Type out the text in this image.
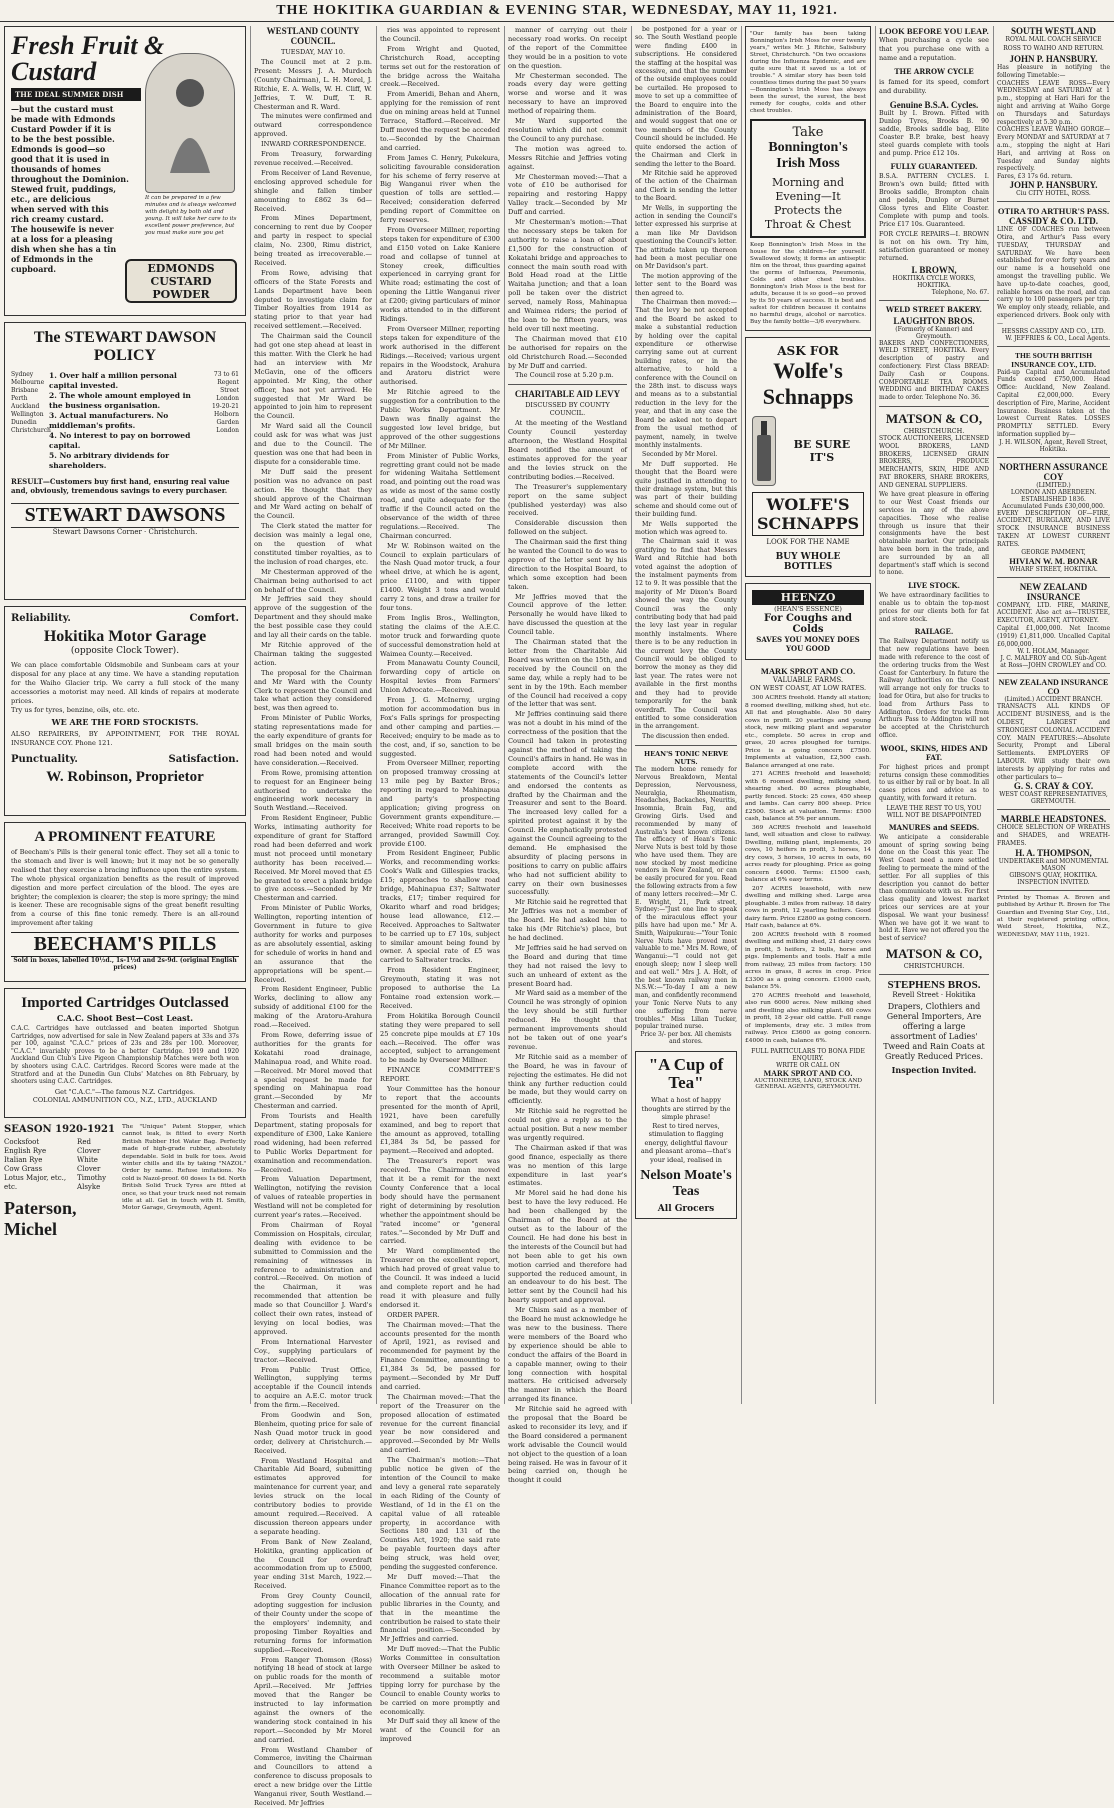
THE HOKITIKA GUARDIAN & EVENING STAR, WEDNESDAY, MAY 11, 1921.
Fresh Fruit & Custard
THE IDEAL SUMMER DISH
—but the custard must
be made with Edmonds
Custard Powder if it is
to be the best possible.
Edmonds is good—so
good that it is used in
thousands of homes
throughout the Dominion.
Stewed fruit, puddings, etc., are delicious
when served with this
rich creamy custard.
The housewife is never
at a loss for a pleasing
dish when she has a tin
of Edmonds in the cupboard.
It can be prepared in a few minutes and is always welcomed with delight by both old and young. It will take her care to its excellent power preference, but you must make sure you get
EDMONDS CUSTARD POWDER
The STEWART DAWSON POLICY
Sydney
Melbourne
Brisbane
Perth
Auckland
Wellington
Dunedin
Christchurch
1. Over half a million personal capital invested.
2. The whole amount employed in the business organisation.
3. Actual manufacturers. No middleman's profits.
4. No interest to pay on borrowed capital.
5. No arbitrary dividends for shareholders.
73 to 61
Regent
Street
London
19-20-21
Holborn
Garden
London
RESULT—Customers buy first hand, ensuring real value and, obviously, tremendous savings to every purchaser.
STEWART DAWSONS
Stewart Dawsons Corner · Christchurch.
Reliability.	Comfort.
Hokitika Motor Garage
(opposite Clock Tower).
We can place comfortable Oldsmobile and Sunbeam cars at your disposal for any place at any time. We have a standing reputation for the Waiho Glacier trip. We carry a full stock of the many accessories a motorist may need. All kinds of repairs at moderate prices.
Try us for tyres, benzine, oils, etc. etc.
WE ARE THE FORD STOCKISTS.
ALSO REPAIRERS, BY APPOINTMENT, FOR THE ROYAL INSURANCE COY. Phone 121.
Punctuality.	Satisfaction.
W. Robinson, Proprietor
A PROMINENT FEATURE
of Beecham's Pills is their general tonic effect. They set all a tonic to the stomach and liver is well known; but it may not be so generally realised that they exercise a bracing influence upon the entire system. The whole physical organization benefits as the result of improved digestion and more perfect circulation of the blood. The eyes are brighter; the complexion is clearer; the step is more springy; the mind is keener. These are recognisable signs of the great benefit resulting from a course of this fine tonic remedy. There is an all-round improvement after taking
BEECHAM'S PILLS
Sold in boxes, labelled 10½d., 1s-1½d and 2s-9d. (original English prices)
Imported Cartridges Outclassed
C.A.C. Shoot Best—Cost Least.
C.A.C. Cartridges have outclassed and beaten imported Shotgun Cartridges, now advertised for sale in New Zealand papers at 33s and 37s per 100, against "C.A.C." prices of 23s and 28s per 100. Moreover, "C.A.C." invariably proves to be a better Cartridge. 1919 and 1920 Auckland Gun Club's Live Pigeon Championship Matches were both won by shooters using C.A.C. Cartridges. Record Scores were made at the Stratford and at the Dunedin Gun Clubs' Matches on 8th February, by shooters using C.A.C. Cartridges.
Get "C.A.C."—The famous N.Z. Cartridges.
COLONIAL AMMUNITION CO., N.Z., LTD., AUCKLAND
SEASON 1920-1921
Cocksfoot
English Rye
Italian Rye
Cow Grass
Lotus Major, etc., etc.
Red Clover
White Clover
Timothy
Alsyke
Paterson, Michel
The "Unique" Patent Stopper, which cannot leak, is fitted to every North British Rubber Hot Water Bag. Perfectly made of high-grade rubber, absolutely dependable. Sold in bulk for toes. Avoid winter chills and ills by taking "NAZOL" Order by name. Refuse imitations. No cold is Nazol-proof. 60 doses 1s 6d. North British Solid Truck Tyres are fitted at once, so that your truck need not remain idle at all. Get in touch with H. Smith, Motor Garage, Greymouth, Agent.
WESTLAND COUNTY COUNCIL.
TUESDAY, MAY 10.

The Council met at 2 p.m. Present: Messrs J. A. Murdoch (County Chairman), L. H. Morel, J. Ritchie, E. A. Wells, W. H. Cliff, W. Jeffries, T. W. Duff, T. R. Chesterman and R. Ward.

The minutes were confirmed and outward correspondence approved.

INWARD CORRESPONDENCE.

From Treasury, forwarding revenue received.—Received.

From Receiver of Land Revenue, enclosing approved schedule for shingle and fallen timber amounting to £862 3s 6d—Received.

From Mines Department, concerning to rent due by Cooper and party in respect to special claim, No. 2300, Rimu district, being treated as irrecoverable.—Received.

From Rowe, advising that officers of the State Forests and Lands Department have been deputed to investigate claim for Timber Royalties from 1914 as stating prior to that year had received settlement.—Received.

The Chairman said the Council had got one step ahead at least in this matter. With the Clerk he had had an interview with Mr McGavin, one of the officers appointed. Mr King, the other officer, has not yet arrived. He suggested that Mr Ward be appointed to join him to represent the Council.

Mr Ward said all the Council could ask for was what was just and due to the Council. The question was one that had been in dispute for a considerable time.

Mr Duff said the present position was no advance on past action. He thought that they should approve of the Chairman and Mr Ward acting on behalf of the Council.

The Clerk stated the matter for decision was mainly a legal one, on the question of what constituted timber royalties, as to the inclusion of road charges, etc.

Mr Chesterman approved of the Chairman being authorised to act on behalf of the Council.

Mr Jeffries said they should approve of the suggestion of the Department and they should make the best possible case they could and lay all their cards on the table.

Mr Ritchie approved of the Chairman taking the suggested action.

The proposal for the Chairman and Mr Ward with the County Clerk to represent the Council and take what action they considered best, was then agreed to.

From Minister of Public Works, stating representations made for the early expenditure of grants for small bridges on the main south road had been noted and would have consideration.—Received.

From Rowe, promising attention to request for an Engineer being authorised to undertake the engineering work necessary in South Westland.—Received.

From Resident Engineer, Public Works, intimating authority for expenditure of grant for Stafford road had been deferred and work must not proceed until monetary authority has been received.—Received. Mr Morel moved that £5 be granted to erect a plank bridge to give access.—Seconded by Mr Chesterman and carried.

From Minister of Public Works, Wellington, reporting intention of Government in future to give authority for works and purposes as are absolutely essential, asking for schedule of works in hand and an assurance that the appropriations will be spent.—Received.

From Resident Engineer, Public Works, declining to allow any subsidy of additional £100 for the making of the Aratoru-Arahura road.—Received.

From Rowe, deferring issue of authorities for the grants for Kokatahi road drainage, Mahinapua road, and White road.—Received. Mr Morel moved that a special request be made for spending on Mahinapua road grant.—Seconded by Mr Chesterman and carried.

From Tourists and Health Department, stating proposals for expenditure of £300, Lake Kaniere road widening, had been referred to Public Works Department for examination and recommendation.—Received.

From Valuation Department, Wellington, notifying the revision of values of rateable properties in Westland will not be completed for current year's rates.—Received.

From Chairman of Royal Commission on Hospitals, circular, dealing with evidence to be submitted to Commission and the remaining of witnesses in reference to administration and control.—Received. On motion of the Chairman, it was recommended that attention be made so that Councillor J. Ward's collect their own rates, instead of levying on local bodies, was approved.

From International Harvester Coy., supplying particulars of tractor.—Received.

From Public Trust Office, Wellington, supplying terms acceptable if the Council intends to acquire an A.E.C. motor truck from the firm.—Received.

From Goodwin and Son, Blenheim, quoting price for sale of Nash Quad motor truck in good order, delivery at Christchurch.—Received.

From Westland Hospital and Charitable Aid Board, submitting estimates approved for maintenance for current year, and levies struck on the local contributory bodies to provide amount required.—Received. A discussion thereon appears under a separate heading.

From Bank of New Zealand, Hokitika, granting application of the Council for overdraft accommodation from up to £5000, year ending 31st March, 1922.—Received.

From Grey County Council, adopting suggestion for inclusion of their County under the scope of the employers' indemnity, and proposing Timber Royalties and returning forms for information supplied.—Received.

From Ranger Thomson (Ross) notifying 18 head of stock at large on public roads for the month of April.—Received. Mr Jeffries moved that the Ranger be instructed to lay information against the owners of the wandering stock contained in his report.—Seconded by Mr Morel and carried.

From Westland Chamber of Commerce, inviting the Chairman and Councillors to attend a conference to discuss proposals to erect a new bridge over the Little Wanganui river, South Westland.—Received. Mr Jeffries

ries was appointed to represent the Council.

From Wright and Quoted, Christchurch Road, accepting terms set out for the restoration of the bridge across the Waitaha creek.—Received.

From Ameridi, Behan and Ahern, applying for the remission of rent due on mining areas held at Tunnel Terrace, Stafford.—Received. Mr Duff moved the request be acceded to.—Seconded by the Chairman and carried.

From James C. Henry, Pukekura, soliciting favourable consideration for his scheme of ferry reserve at Big Wanganui river when the question of tolls are settled.—Received; consideration deferred pending report of Committee on ferry reserves.

From Overseer Millner, reporting steps taken for expenditure of £300 and £150 voted on Lake Kaniere road and collapse of tunnel at Stoney creek, difficulties experienced in carrying grant for White road; estimating the cost of opening the Little Wanganui river at £200; giving particulars of minor works attended to in the different Ridings.

From Overseer Millner, reporting steps taken for expenditure of the work authorised in the different Ridings.—Received; various urgent repairs in the Woodstock, Arahura and Aratoru district were authorised.

Mr Ritchie agreed to the suggestion for a contribution to the Public Works Department. Mr Dawn was finally against the suggested low level bridge, but approved of the other suggestions of Mr Millner.

From Minister of Public Works, regretting grant could not be made for widening Waitaha Settlement road, and pointing out the road was as wide as most of the same costly road, and quite adequate for the traffic if the Council acted on the observance of the width of three regulations.—Received. The Chairman concurred.

Mr W. Robinson waited on the Council to explain particulars of the Nash Quad motor truck, a four wheel drive, at which he is agent, price £1100, and with tipper £1400. Weight 3 tons and would carry 2 tons, and draw a trailer for four tons.

From Inglis Bros., Wellington, stating the claims of the A.E.C. motor truck and forwarding quote of successful demonstration held at Waimea County.—Received.

From Manawatu County Council, forwarding copy of article on Hospital levies from Farmers' Union Advocate.—Received.

From J. G. McInerny, urging motion for accommodation bus in Fox's Falls springs for prospecting and other camping and parties.—Received; enquiry to be made as to the cost, and, if so, sanction to be suggested.

From Overseer Millner, reporting on proposed tramway crossing at 13 mile peg by Baxter Bros.; reporting in regard to Mahinapua and party's prospecting application; giving progress on Government grants expenditure.—Received; White road reports to be arranged, provided Sawmill Coy. provide £100.

From Resident Engineer, Public Works, and recommending works: Cook's Walk and Gillespies tracks, £15; approaches to shallow road bridge, Mahinapua £37; Saltwater tracks, £17; timber required for Okarito wharf and road bridges; house lead allowance, £12.—Received. Approaches to Saltwater to be carried up to £7 10s, subject to similar amount being found by owner. A special rate of £5 was carried to Saltwater tracks.

From Resident Engineer, Greymouth, stating it was not proposed to authorise the La Fontaine road extension work.—Received.

From Hokitika Borough Council stating they were prepared to sell 25 concrete pipe moulds at £7 10s each.—Received. The offer was accepted, subject to arrangement to be made by Overseer Millner.

FINANCE COMMITTEE'S REPORT.

Your Committee has the honour to report that the accounts presented for the month of April, 1921, have been carefully examined, and beg to report that the amount as approved, totalling £1,384 3s 5d, be passed for payment.—Received and adopted.

The Treasurer's report was received. The Chairman moved that it be a remit for the next County Conference that a local body should have the permanent right of determining by resolution whether the appointment should be "rated income" or "general rates."—Seconded by Mr Duff and carried.

Mr Ward complimented the Treasurer on the excellent report, which had proved of great value to the Council. It was indeed a lucid and complete report and he had read it with pleasure and fully endorsed it.

ORDER PAPER.

The Chairman moved:—That the accounts presented for the month of April, 1921, as revised and recommended for payment by the Finance Committee, amounting to £1,384 3s 5d, be passed for payment.—Seconded by Mr Duff and carried.

The Chairman moved:—That the report of the Treasurer on the proposed allocation of estimated revenue for the current financial year be now considered and approved.—Seconded by Mr Wells and carried.

The Chairman's motion:—That public notice be given of the intention of the Council to make and levy a general rate separately in each Riding of the County of Westland, of 1d in the £1 on the capital value of all rateable property, in accordance with Sections 180 and 131 of the Counties Act, 1920; the said rate be payable fourteen days after being struck, was held over, pending the suggested conference.

Mr Duff moved:—That the Finance Committee report as to the allocation of the annual rate for public libraries in the County, and that in the meantime the contribution be raised to state their financial position.—Seconded by Mr Jeffries and carried.

Mr Duff moved:—That the Public Works Committee in consultation with Overseer Millner be asked to recommend a suitable motor tipping lorry for purchase by the Council to enable County works to be carried on more promptly and economically.

Mr Duff said they all knew of the want of the Council for an improved

manner of carrying out their necessary road works. On receipt of the report of the Committee they would be in a position to vote on the question.

Mr Chesterman seconded. The roads every day were getting worse and worse and it was necessary to have an improved method of repairing them.

Mr Ward supported the resolution which did not commit the Council to any purchase.

The motion was agreed to. Messrs Ritchie and Jeffries voting against.

Mr Chesterman moved:—That a vote of £10 be authorised for repairing and restoring Happy Valley track.—Seconded by Mr Duff and carried.

Mr Chesterman's motion:—That the necessary steps be taken for authority to raise a loan of about £1,500 for the construction of Kokatahi bridge and approaches to connect the main south road with Bold Head road at the Little Waitaha junction; and that a loan poll be taken over the district served, namely Ross, Mahinapua and Waimea riders; the period of the loan to be fifteen years, was held over till next meeting.

The Chairman moved that £10 be authorised for repairs on the old Christchurch Road.—Seconded by Mr Duff and carried.

The Council rose at 5.20 p.m.

CHARITABLE AID LEVY
DISCUSSED BY COUNTY COUNCIL.

At the meeting of the Westland County Council yesterday afternoon, the Westland Hospital Board notified the amount of estimates approved for the year and the levies struck on the contributing bodies.—Received.

The Treasurer's supplementary report on the same subject (published yesterday) was also received.

Considerable discussion then followed on the subject.

The Chairman said the first thing he wanted the Council to do was to approve of the letter sent by his direction to the Hospital Board, to which some exception had been taken.

Mr Jeffries moved that the Council approve of the letter. Personally he would have liked to have discussed the question at the Council table.

The Chairman stated that the letter from the Charitable Aid Board was written on the 15th, and received by the Council on the same day, while a reply had to be sent in by the 19th. Each member of the Council had received a copy of the letter that was sent.

Mr Jeffries continuing said there was not a doubt in his mind of the correctness of the position that the Council had taken in protesting against the method of taking the Council's affairs in hand. He was in complete accord with the statements of the Council's letter and endorsed the contents as drafted by the Chairman and the Treasurer and sent to the Board. The increased levy called for a spirited protest against it by the Council. He emphatically protested against the Council agreeing to the demand. He emphasised the absurdity of placing persons in positions to carry on public affairs who had not sufficient ability to carry on their own businesses successfully.

Mr Ritchie said he regretted that Mr Jeffries was not a member of the Board. He had asked him to take his (Mr Ritchie's) place, but he had declined.

Mr Jeffries said he had served on the Board and during that time they had not raised the levy to such an unheard of extent as the present Board had.

Mr Ward said as a member of the Council he was strongly of opinion the levy should be still further reduced. He thought that permanent improvements should not be taken out of one year's revenue.

Mr Ritchie said as a member of the Board, he was in favour of rejecting the estimates. He did not think any further reduction could be made, but they would carry on efficiently.

Mr Ritchie said he regretted he could not give a reply as to the actual position. But a new member was urgently required.

The Chairman asked if that was good finance, especially as there was no mention of this large expenditure in last year's estimates.

Mr Morel said he had done his best to have the levy reduced. He had been challenged by the Chairman of the Board at the outset as to the labour of the Council. He had done his best in the interests of the Council but had not been able to get his own motion carried and therefore had supported the reduced amount, in an endeavour to do his best. The letter sent by the Council had his hearty support and approval.

Mr Chism said as a member of the Board he must acknowledge he was new to the business. There were members of the Board who by experience should be able to conduct the affairs of the Board in a capable manner, owing to their long connection with hospital matters. He criticised adversely the manner in which the Board arranged its finance.

Mr Ritchie said he agreed with the proposal that the Board be asked to reconsider its levy, and if the Board considered a permanent work advisable the Council would not object to the question of a loan being raised. He was in favour of it being carried on, though he thought it could

be postponed for a year or so. The South Westland people were finding £400 in subscriptions. He considered the staffing at the hospital was excessive, and that the number of the outside employees could be curtailed. He proposed to move to set up a committee of the Board to enquire into the administration of the Board, and would suggest that one or two members of the County Council should be included. He quite endorsed the action of the Chairman and Clerk in sending the letter to the Board.

Mr Ritchie said he approved of the action of the Chairman and Clerk in sending the letter to the Board.

Mr Wells, in supporting the action in sending the Council's letter expressed his surprise at a man like Mr Davidson questioning the Council's letter. The attitude taken up thereon had been a most peculiar one on Mr Davidson's part.

The motion approving of the letter sent to the Board was then agreed to.

The Chairman then moved:—That the levy be not accepted and the Board be asked to make a substantial reduction by holding over the capital expenditure or otherwise carrying same out at current building rates, or in the alternative, to hold a conference with the Council on the 28th inst. to discuss ways and means as to a substantial reduction in the levy for the year, and that in any case the Board be asked not to depart from the usual method of payment, namely, in twelve monthly instalments.

Seconded by Mr Morel.

Mr Duff supported. He thought that the Board were quite justified in attending to their drainage system, but this was part of their building scheme and should come out of their building fund.

Mr Wells supported the motion which was agreed to.

The Chairman said it was gratifying to find that Messrs Ward and Ritchie had both voted against the adoption of the instalment payments from 12 to 9. It was possible that the majority of Mr Dixon's Board showed the way the County Council was the only contributing body that had paid the levy last year in regular monthly instalments. Where there is to be any reduction in the current levy the County Council would be obliged to borrow the money as they did last year. The rates were not available in the first months and they had to provide temporarily for the bank overdraft. The Council was entitled to some consideration in the arrangement.

The discussion then ended.

HEAN'S TONIC NERVE NUTS.
The modern home remedy for Nervous Breakdown, Mental Depression, Nervousness, Neuralgia, Rheumatism, Headaches, Backaches, Neuritis, Insomnia, Brain Fag, and Growing Girls. Used and recommended by many of Australia's best known citizens. The efficacy of Hean's Tonic Nerve Nuts is best told by those who have used them. They are now stocked by most medicine vendors in New Zealand, or can be easily procured for you. Read the following extracts from a few of many letters received:—Mr C. E. Wright, 21, Park street, Sydney:—"Just one line to speak of the miraculous effect your pills have had upon me." Mr A. Smith, Waipukurau:—"Your Tonic Nerve Nuts have proved most valuable to me." Mrs M. Rowe, of Wanganui:—"I could not get enough sleep; now I sleep well and eat well." Mrs J. A. Holt, of the best known railway men in N.S.W.:—"To-day I am a new man, and confidently recommend your Tonic Nerve Nuts to any one suffering from nerve troubles." Miss Lilian Tucker, popular trained nurse.
Price 3/- per box. All chemists and stores.
"A Cup of Tea"
What a host of happy thoughts are stirred by the simple phrase!
Rest to tired nerves, stimulation to flagging energy, delightful flavour and pleasant aroma—that's your ideal, realised in
Nelson Moate's Teas
All Grocers
"Our family has been taking Bonnington's Irish Moss for over twenty years," writes Mr. J. Ritchie, Salisbury Street, Christchurch. "On two occasions during the Influenza Epidemic, and are quite sure that it saved us a lot of trouble." A similar story has been told countless times during the past 50 years—Bonnington's Irish Moss has always been the surest, the surest, the best remedy for coughs, colds and other chest troubles.
Take
Bonnington's Irish Moss
Morning and Evening—It Protects the Throat & Chest
Keep Bonnington's Irish Moss in the house for the children—for yourself. Swallowed slowly, it forms an antiseptic film on the throat, thus guarding against the germs of Influenza, Pneumonia, Colds and other chest troubles. Bonnington's Irish Moss is the best for adults, because it is so good—so proved by its 50 years of success. It is best and safest for children because it contains no harmful drugs, alcohol or narcotics. Buy the family bottle—3/6 everywhere.
ASK FOR
Wolfe's Schnapps
BE SURE IT'S
WOLFE'S SCHNAPPS
LOOK FOR THE NAME
BUY WHOLE BOTTLES
HEENZO
(HEAN'S ESSENCE)
For Coughs and Colds
SAVES YOU MONEY DOES YOU GOOD
MARK SPROT AND CO.
VALUABLE FARMS.
ON WEST COAST, AT LOW RATES.

300 ACRES freehold. Handy all station; 8 roomed dwelling, milking shed, hut etc. All flat and ploughable. Also 50 dairy cows in profit. 20 yearlings and young stock, new milking plant and separator etc., complete. 50 acres in crop and grass, 20 acres ploughed for turnips. Price is a going concern £7500. Implements at valuation, £2,500 cash. Balance arranged at one rate.

271 ACRES freehold and leasehold; with 6 roomed dwelling, milking shed, shearing shed. 80 acres ploughable, partly fenced. Stock: 25 cows, 450 sheep and lambs. Can carry 800 sheep. Price £2500. Stock at valuation. Terms: £500 cash, balance at 5% per annum.

369 ACRES freehold and leasehold land, well situation and close to railway. Dwelling, milking plant, implements, 20 cows, 10 heifers in profit, 3 horses, 14 dry cows, 3 horses, 10 acres in oats, 60 acres ready for ploughing. Price as going concern £4000. Terms: £1500 cash, balance at 6% easy terms.

207 ACRES leasehold, with new dwelling and milking shed. Large area ploughable. 3 miles from railway. 18 dairy cows in profit, 12 yearling heifers. Good dairy farm. Price £2800 as going concern. Half cash, balance at 6%.

200 ACRES freehold with 8 roomed dwelling and milking shed, 21 dairy cows in profit, 5 heifers, 2 bulls, horse and pigs. Implements and tools. Half a mile from railway, 25 miles from factory. 150 acres in grass, 8 acres in crop. Price £3300 as a going concern. £1000 cash, balance 5%.

270 ACRES freehold and leasehold, also run 6000 acres. New milking shed and dwelling also milking plant. 60 cows in profit, 18 2-year old cattle. Full range of implements, dray etc. 3 miles from railway. Price £3600 as going concern. £4000 in cash, balance 6%.

FULL PARTICULARS TO BONA FIDE ENQUIRY.
WRITE OR CALL ON
MARK SPROT AND CO.
AUCTIONEERS, LAND, STOCK AND GENERAL AGENTS, GREYMOUTH.
LOOK BEFORE YOU LEAP.
When purchasing a cycle see that you purchase one with a name and a reputation.
THE ARROW CYCLE
is famed for its speed, comfort and durability.
Genuine B.S.A. Cycles.
Built by I. Brown. Fitted with Dunlop Tyres, Brooks B. 90 saddle, Brooks saddle bag, Elite Coaster B.P. brake, best heavy steel guards complete with tools and pump. Price £12 10s.
FULLY GUARANTEED.
B.S.A. PATTERN CYCLES. I. Brown's own build; fitted with Brooks saddle, Brompton chain and pedals, Dunlop or Burnet Gloss tyres and Elite Coaster. Complete with pump and tools. Price £17 10s. Guaranteed.
FOR CYCLE REPAIRS—I. BROWN is not on his own. Try him, satisfaction guaranteed or money returned.
I. BROWN,
HOKITIKA CYCLE WORKS, HOKITIKA.
Telephone, No. 67.
WELD STREET BAKERY.
LAUGHTON BROS.
(Formerly of Kanner) and Greymouth.
BAKERS AND CONFECTIONERS, WELD STREET, HOKITIKA. Every description of pastry and confectionery. First Class BREAD: Daily Cash or Coupons. COMFORTABLE TEA ROOMS. WEDDING and BIRTHDAY CAKES made to order. Telephone No. 36.
MATSON & CO,
CHRISTCHURCH.
STOCK AUCTIONEERS, LICENSED WOOL BROKERS, LAND BROKERS, LICENSED GRAIN BROKERS, PRODUCE MERCHANTS, SKIN, HIDE AND FAT BROKERS, SHARE BROKERS, AND GENERAL SUPPLIERS.
We have great pleasure in offering to our West Coast friends our services in any of the above capacities. Those who realise through us insure that their consignments have the best obtainable market. Our principals have been born in the trade, and are surrounded by an all department's staff which is second to none.
LIVE STOCK.
We have extraordinary facilities to enable us to obtain the top-most prices for our clients both for fat and store stock.
RAILAGE.
The Railway Department notify us that new regulations have been made with reference to the cost of the ordering trucks from the West Coast for Canterbury. In future the Railway Authorities on the Coast will arrange not only for trucks to load for Otira, but also for trucks to load from Arthurs Pass to Addington. Orders for trucks from Arthurs Pass to Addington will not be accepted at the Christchurch office.
WOOL, SKINS, HIDES AND FAT.
For highest prices and prompt returns consign these commodities to us either by rail or by boat. In all cases prices and advice as to quantity, with forward it return.
LEAVE THE REST TO US, YOU WILL NOT BE DISAPPOINTED
MANURES and SEEDS.
We anticipate a considerable amount of spring sowing being done on the Coast this year. The West Coast need a more settled feeling to permeate the mind of the settler. For all supplies of this description you cannot do better than communicate with us. For first class quality and lowest market prices our services are at your disposal. We want your business! When we have got it we want to hold it. Have we not offered you the best of service?
MATSON & CO,
CHRISTCHURCH.
STEPHENS BROS.
Revell Street · Hokitika
Drapers, Clothiers and General Importers, Are offering a large assortment of Ladies' Tweed and Rain Coats at Greatly Reduced Prices.
Inspection Invited.
SOUTH WESTLAND
ROYAL MAIL COACH SERVICE
ROSS TO WAIHO AND RETURN.
JOHN P. HANSBURY.
Has pleasure in notifying the following Timetable:—
COACHES LEAVE ROSS—Every WEDNESDAY and SATURDAY at 1 p.m., stopping at Hari Hari for the night and arriving at Waiho Gorge on Thursdays and Saturdays respectively at 5.30 p.m.
COACHES LEAVE WAIHO GORGE—Every MONDAY and SATURDAY at 7 a.m., stopping the night at Hari Hari, and arriving at Ross on Tuesday and Sunday nights respectively.
Fares, £3 17s 6d. return.
JOHN P. HANSBURY.
Ciu CITY HOTEL, ROSS.
OTIRA TO ARTHUR'S PASS.
CASSIDY & CO. LTD.
LINE OF COACHES run between Otira, and Arthur's Pass every TUESDAY, THURSDAY and SATURDAY. We have been established for over forty years and our name is a household one amongst the travelling public. We have up-to-date coaches, good, reliable horses on the road, and can carry up to 100 passengers per trip. We employ only steady, reliable, and experienced drivers. Book only with—
HESSRS CASSIDY AND CO., LTD.
W. JEFFRIES & CO., Local Agents.
THE SOUTH BRITISH INSURANCE COY., LTD.
Paid-up Capital and Accumulated Funds exceed £750,000. Head Office: Auckland, New Zealand. Capital £2,000,000. Every description of Fire, Marine, Accident Insurance. Business taken at the Lowest Current Rates. LOSSES PROMPTLY SETTLED. Every information supplied by—
J. H. WILSON, Agent, Revell Street, Hokitika.
NORTHERN ASSURANCE COY
(LIMITED.)
LONDON AND ABERDEEN.
ESTABLISHED 1836.
Accumulated Funds £30,000,000.
EVERY DESCRIPTION OF—FIRE, ACCIDENT, BURGLARY, AND LIVE STOCK INSURANCE BUSINESS TAKEN AT LOWEST CURRENT RATES.
GEORGE PAMMENT,
HIVIAN W. M. BONAR
WHARF STREET, HOKITIKA.
NEW ZEALAND INSURANCE
COMPANY, LTD. FIRE, MARINE, ACCIDENT. Also act as—TRUSTEE, EXECUTOR, AGENT, ATTORNEY.
Capital £1,000,000. Net Income (1919) £1,811,000. Uncalled Capital £6,000,000.
W. I. HOLAM, Manager.
J. C. MALFROY and CO. Sub-Agent at Ross—JOHN CROWLEY and CO.
NEW ZEALAND INSURANCE CO
(Limited.) ACCIDENT BRANCH.
TRANSACTS ALL KINDS OF ACCIDENT BUSINESS, and is the OLDEST, LARGEST and STRONGEST COLONIAL ACCIDENT COY. MAIN FEATURES:—Absolute Security, Prompt and Liberal Settlements. EMPLOYERS OF LABOUR. Will study their own interests by applying for rates and other particulars to—
G. S. CRAY & COY.
WEST COAST REPRESENTATIVES, GREYMOUTH.
MARBLE HEADSTONES.
CHOICE SELECTION OF WREATHS and SHADES, and WREATH-FRAMES.
H. A. THOMPSON,
UNDERTAKER and MONUMENTAL MASON
GIBSON'S QUAY, HOKITIKA.
INSPECTION INVITED.
Printed by Thomas A. Brown and published by Arthur R. Brown for The Guardian and Evening Star Coy., Ltd., at their registered printing office, Weld Street, Hokitika, N.Z., WEDNESDAY, MAY 11th, 1921.
